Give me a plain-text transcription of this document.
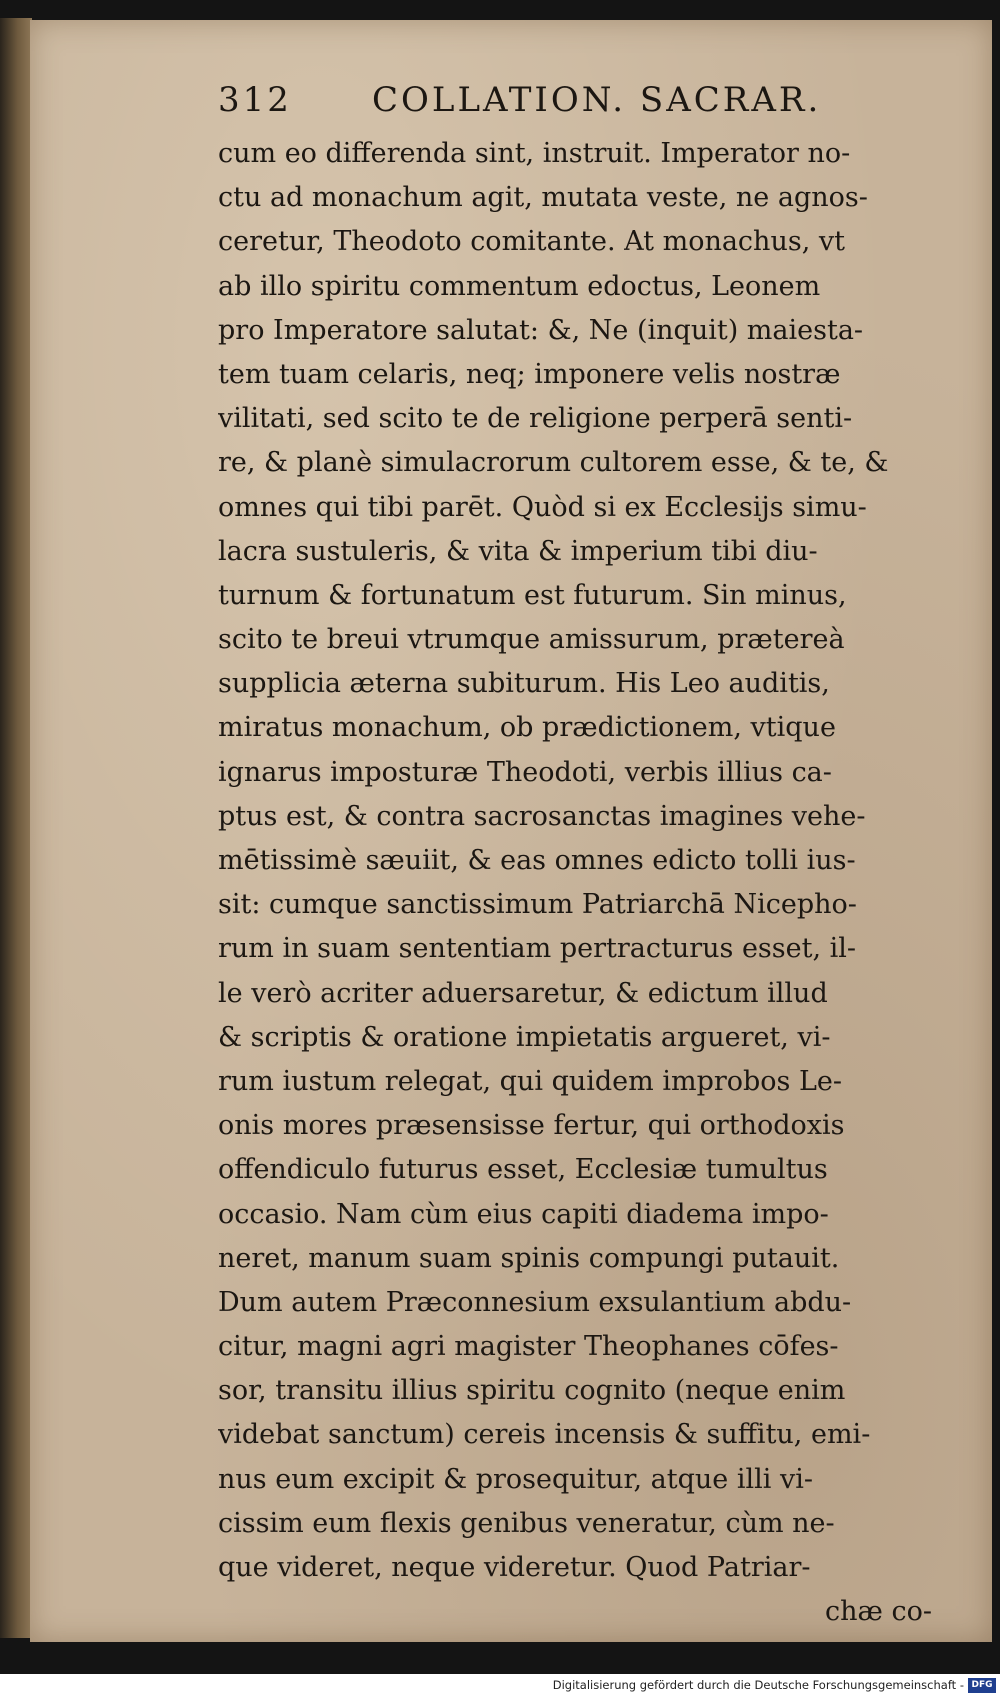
312 COLLATION. SACRAR.
cum eo differenda sint, instruit. Imperator no-
ctu ad monachum agit, mutata veste, ne agnos-
ceretur, Theodoto comitante. At monachus, vt
ab illo spiritu commentum edoctus, Leonem
pro Imperatore salutat: &, Ne (inquit) maiesta-
tem tuam celaris, neq; imponere velis nostræ
vilitati, sed scito te de religione perperā senti-
re, & planè simulacrorum cultorem esse, & te, &
omnes qui tibi parēt. Quòd si ex Ecclesijs simu-
lacra sustuleris, & vita & imperium tibi diu-
turnum & fortunatum est futurum. Sin minus,
scito te breui vtrumque amissurum, prætereà
supplicia æterna subiturum. His Leo auditis,
miratus monachum, ob prædictionem, vtique
ignarus imposturæ Theodoti, verbis illius ca-
ptus est, & contra sacrosanctas imagines vehe-
mētissimè sæuiit, & eas omnes edicto tolli ius-
sit: cumque sanctissimum Patriarchā Nicepho-
rum in suam sententiam pertracturus esset, il-
le verò acriter aduersaretur, & edictum illud
& scriptis & oratione impietatis argueret, vi-
rum iustum relegat, qui quidem improbos Le-
onis mores præsensisse fertur, qui orthodoxis
offendiculo futurus esset, Ecclesiæ tumultus
occasio. Nam cùm eius capiti diadema impo-
neret, manum suam spinis compungi putauit.
Dum autem Præconnesium exsulantium abdu-
citur, magni agri magister Theophanes cōfes-
sor, transitu illius spiritu cognito (neque enim
videbat sanctum) cereis incensis & suffitu, emi-
nus eum excipit & prosequitur, atque illi vi-
cissim eum flexis genibus veneratur, cùm ne-
que videret, neque videretur. Quod Patriar-
chæ co-
Digitalisierung gefördert durch die Deutsche Forschungsgemeinschaft - DFG
